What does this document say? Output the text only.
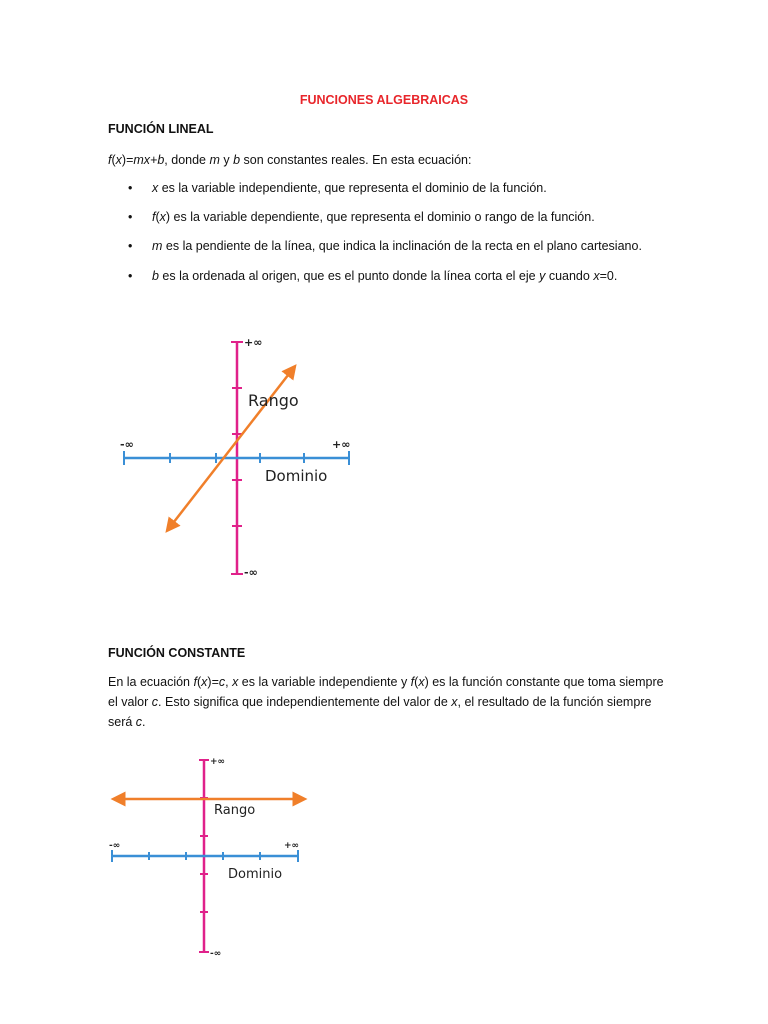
FUNCIONES ALGEBRAICAS
FUNCIÓN LINEAL
f(x)=mx+b, donde m y b son constantes reales. En esta ecuación:
• x es la variable independiente, que representa el dominio de la función.
• f(x) es la variable dependiente, que representa el dominio o rango de la función.
• m es la pendiente de la línea, que indica la inclinación de la recta en el plano cartesiano.
• b es la ordenada al origen, que es el punto donde la línea corta el eje y cuando x=0.
+∞
-∞
-∞	+∞
Rango
Dominio
FUNCIÓN CONSTANTE
En la ecuación f(x)=c, x es la variable independiente y f(x) es la función constante que toma siempre el valor c. Esto significa que independientemente del valor de x, el resultado de la función siempre será c.
+∞
-∞
-∞	+∞
Rango
Dominio
